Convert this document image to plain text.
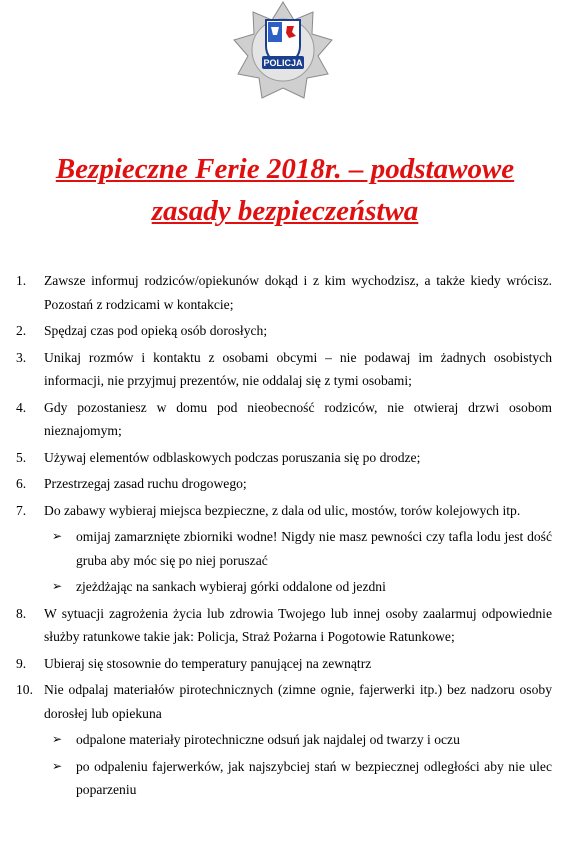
POLICJA
Bezpieczne Ferie 2018r. – podstawowe
zasady bezpieczeństwa
1. Zawsze informuj rodziców/opiekunów dokąd i z kim wychodzisz, a także kiedy wrócisz. Pozostań z rodzicami w kontakcie;
2. Spędzaj czas pod opieką osób dorosłych;
3. Unikaj rozmów i kontaktu z osobami obcymi – nie podawaj im żadnych osobistych informacji, nie przyjmuj prezentów, nie oddalaj się z tymi osobami;
4. Gdy pozostaniesz w domu pod nieobecność rodziców, nie otwieraj drzwi osobom nieznajomym;
5. Używaj elementów odblaskowych podczas poruszania się po drodze;
6. Przestrzegaj zasad ruchu drogowego;
7. Do zabawy wybieraj miejsca bezpieczne, z dala od ulic, mostów, torów kolejowych itp.
➢ omijaj zamarznięte zbiorniki wodne! Nigdy nie masz pewności czy tafla lodu jest dość gruba aby móc się po niej poruszać
➢ zjeżdżając na sankach wybieraj górki oddalone od jezdni
8. W sytuacji zagrożenia życia lub zdrowia Twojego lub innej osoby zaalarmuj odpowiednie służby ratunkowe takie jak: Policja, Straż Pożarna i Pogotowie Ratunkowe;
9. Ubieraj się stosownie do temperatury panującej na zewnątrz
10. Nie odpalaj materiałów pirotechnicznych (zimne ognie, fajerwerki itp.) bez nadzoru osoby dorosłej lub opiekuna
➢ odpalone materiały pirotechniczne odsuń jak najdalej od twarzy i oczu
➢ po odpaleniu fajerwerków, jak najszybciej stań w bezpiecznej odległości aby nie ulec poparzeniu
